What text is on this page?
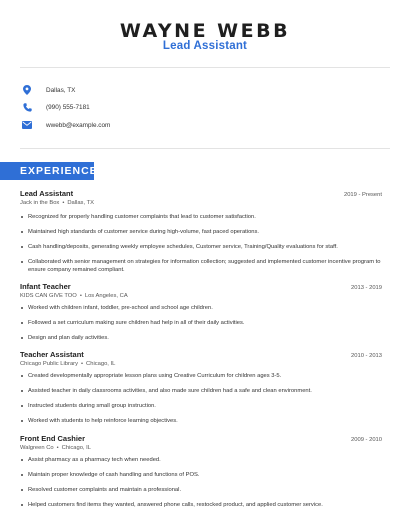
WAYNE WEBB
Lead Assistant
Dallas, TX
(990) 555-7181
wwebb@example.com
EXPERIENCE
Lead Assistant	2019 - Present
Jack in the Box • Dallas, TX
Recognized for properly handling customer complaints that lead to customer satisfaction.
Maintained high standards of customer service during high-volume, fast paced operations.
Cash handling/deposits, generating weekly employee schedules, Customer service, Training/Quality evaluations for staff.
Collaborated with senior management on strategies for information collection; suggested and implemented customer incentive program to ensure company remained compliant.
Infant Teacher	2013 - 2019
KIDS CAN GIVE TOO • Los Angeles, CA
Worked with children infant, toddler, pre-school and school age children.
Followed a set curriculum making sure children had help in all of their daily activities.
Design and plan daily activities.
Teacher Assistant	2010 - 2013
Chicago Public Library • Chicago, IL
Created developmentally appropriate lesson plans using Creative Curriculum for children ages 3-5.
Assisted teacher in daily classrooms activities, and also made sure children had a safe and clean environment.
Instructed students during small group instruction.
Worked with students to help reinforce learning objectives.
Front End Cashier	2009 - 2010
Walgreen Co • Chicago, IL
Assist pharmacy as a pharmacy tech when needed.
Maintain proper knowledge of cash handling and functions of POS.
Resolved customer complaints and maintain a professional.
Helped customers find items they wanted, answered phone calls, restocked product, and applied customer service.
